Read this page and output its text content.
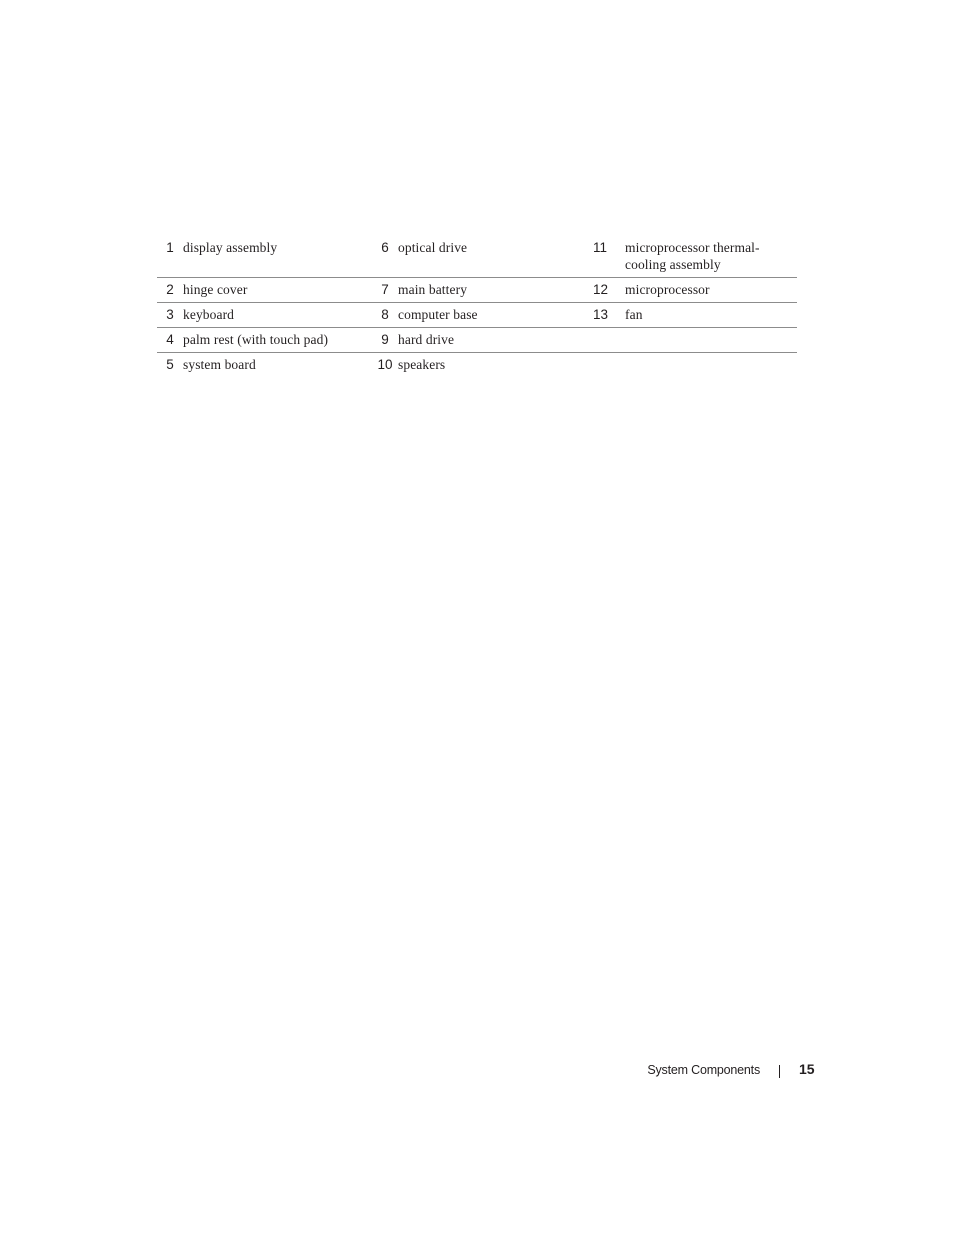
1	display assembly	6	optical drive	11	microprocessor thermal-cooling assembly
2	hinge cover	7	main battery	12	microprocessor
3	keyboard	8	computer base	13	fan
4	palm rest (with touch pad)	9	hard drive		
5	system board	10	speakers		
System Components	15
